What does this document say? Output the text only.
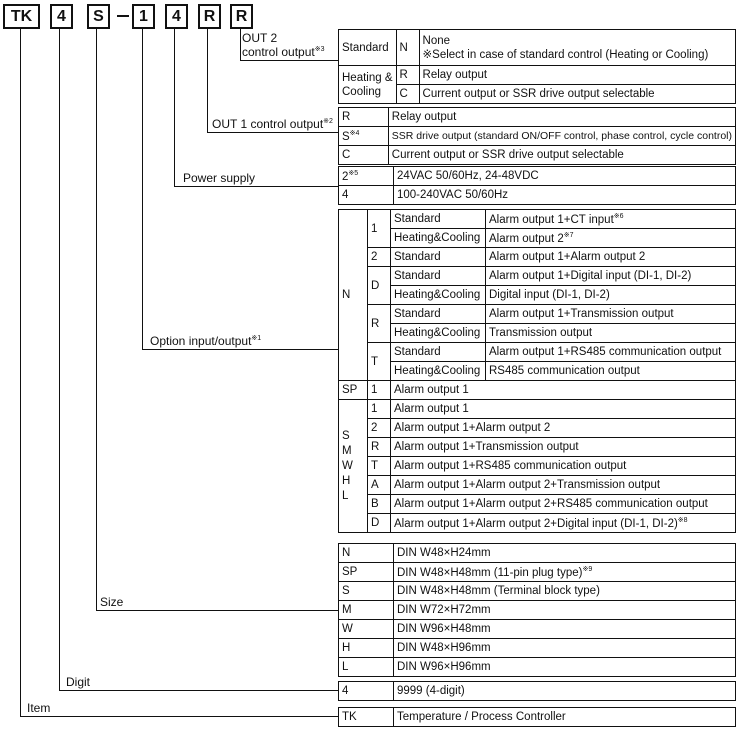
TK	4	S	1	4	R	R
OUT 2
control output$^{※3}$
OUT 1 control output$^{※2}$
Power supply
Option input/output$^{※1}$
Size
Digit
Item
Standard	N	None
※Select in case of standard control (Heating or Cooling)
Heating &
Cooling	R	Relay output
	C	Current output or SSR drive output selectable
R	Relay output
$S^{※4}$	SSR drive output (standard ON/OFF control, phase control, cycle control)
C	Current output or SSR drive output selectable
2$^{※5}$	24VAC 50/60Hz, 24-48VDC
4	100-240VAC 50/60Hz
N	1	Standard	Alarm output 1+CT input$^{※6}$
		Heating&Cooling	Alarm output 2$^{※7}$
	2	Standard	Alarm output 1+Alarm output 2
	D	Standard	Alarm output 1+Digital input (DI-1, DI-2)
		Heating&Cooling	Digital input (DI-1, DI-2)
	R	Standard	Alarm output 1+Transmission output
		Heating&Cooling	Transmission output
	T	Standard	Alarm output 1+RS485 communication output
		Heating&Cooling	RS485 communication output
SP	1	Alarm output 1	
S
M
W
H
L	1	Alarm output 1	
	2	Alarm output 1+Alarm output 2	
	R	Alarm output 1+Transmission output	
	T	Alarm output 1+RS485 communication output	
	A	Alarm output 1+Alarm output 2+Transmission output	
	B	Alarm output 1+Alarm output 2+RS485 communication output	
	D	Alarm output 1+Alarm output 2+Digital input (DI-1, DI-2)$^{※8}$
N	DIN W48×H24mm
SP	DIN W48×H48mm (11-pin plug type)$^{※9}$
S	DIN W48×H48mm (Terminal block type)
M	DIN W72×H72mm
W	DIN W96×H48mm
H	DIN W48×H96mm
L	DIN W96×H96mm
4	9999 (4-digit)
TK	Temperature / Process Controller
